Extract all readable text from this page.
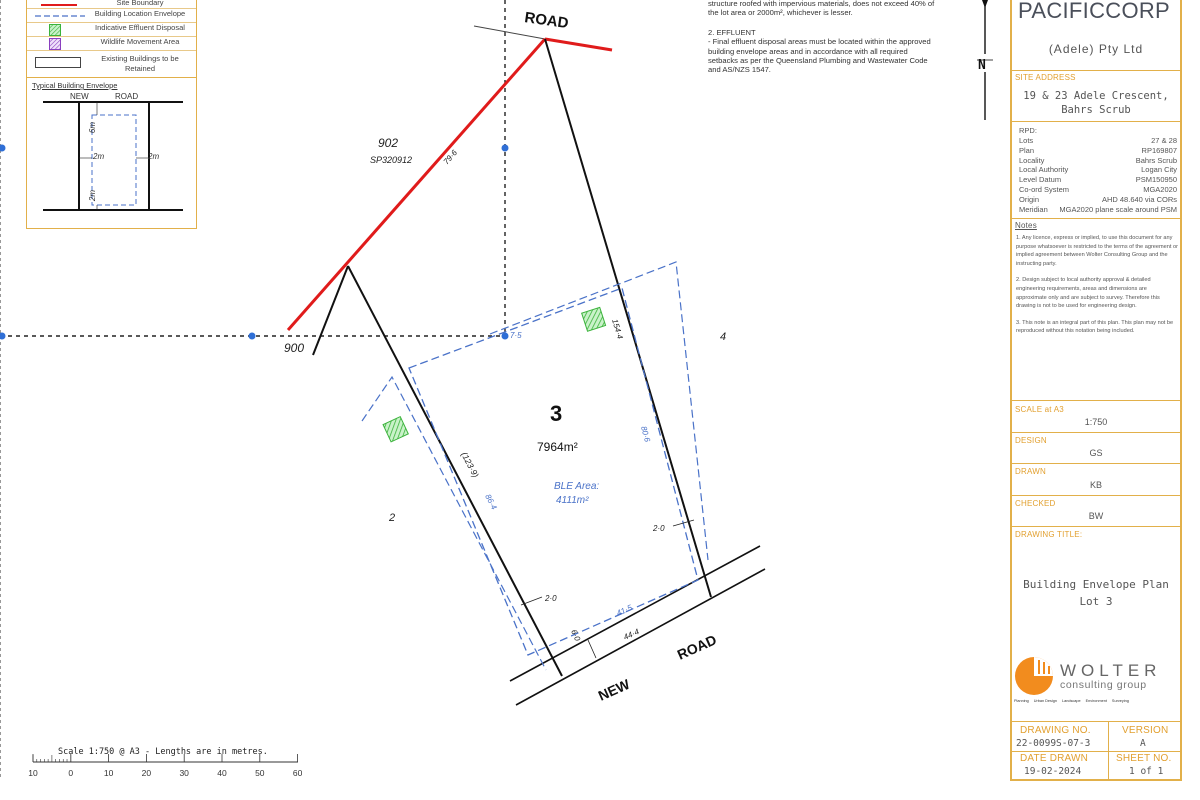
ROAD
902
SP320912	79·6
900
7·5	154·4	4
2
3
7964m²
BLE Area:
4111m²
(123·9)
86·4
80·6
2·0
2·0
41·5
6·0	44·4
NEW
ROAD
N
Scale 1:750 @ A3 - Lengths are in metres.
10	0	10	20	30	40	50	60
Site Boundary
Building Location Envelope
Indicative Effluent Disposal
Wildlife Movement Area
Existing Buildings to be Retained
Typical Building Envelope
NEW	ROAD
6m
2m	2m
2m
structure roofed with impervious materials, does not exceed 40% of the lot area or 2000m², whichever is lesser.
2. EFFLUENT
- Final effluent disposal areas must be located within the approved building envelope areas and in accordance with all required setbacks as per the Queensland Plumbing and Wastewater Code and AS/NZS 1547.
PACIFICCORP
(Adele) Pty Ltd
SITE ADDRESS
19 & 23 Adele Crescent,
Bahrs Scrub
RPD:
Notes

1. Any licence, express or implied, to use this document for any purpose whatsoever is restricted to the terms of the agreement or implied agreement between Wolter Consulting Group and the instructing party.

2. Design subject to local authority approval & detailed engineering requirements, areas and dimensions are approximate only and are subject to survey. Therefore this drawing is not to be used for engineering design.

3. This note is an integral part of this plan. This plan may not be reproduced without this notation being included.

SCALE at A3
1:750
DESIGN
GS
DRAWN
KB
CHECKED
BW
DRAWING TITLE:
Building Envelope Plan
Lot 3
WOLTER
consulting group
Planning Urban Design Landscape Environment Surveying
DRAWING NO.
22-0099S-07-3
VERSION
A
DATE DRAWN
19-02-2024
SHEET NO.
1 of 1
Lots	27 & 28
Plan	RP169807
Locality	Bahrs Scrub
Local Authority	Logan City
Level Datum	PSM150950
Co-ord System	MGA2020
Origin	AHD 48.640 via CORs
Meridian MGA2020 plane scale around PSM
